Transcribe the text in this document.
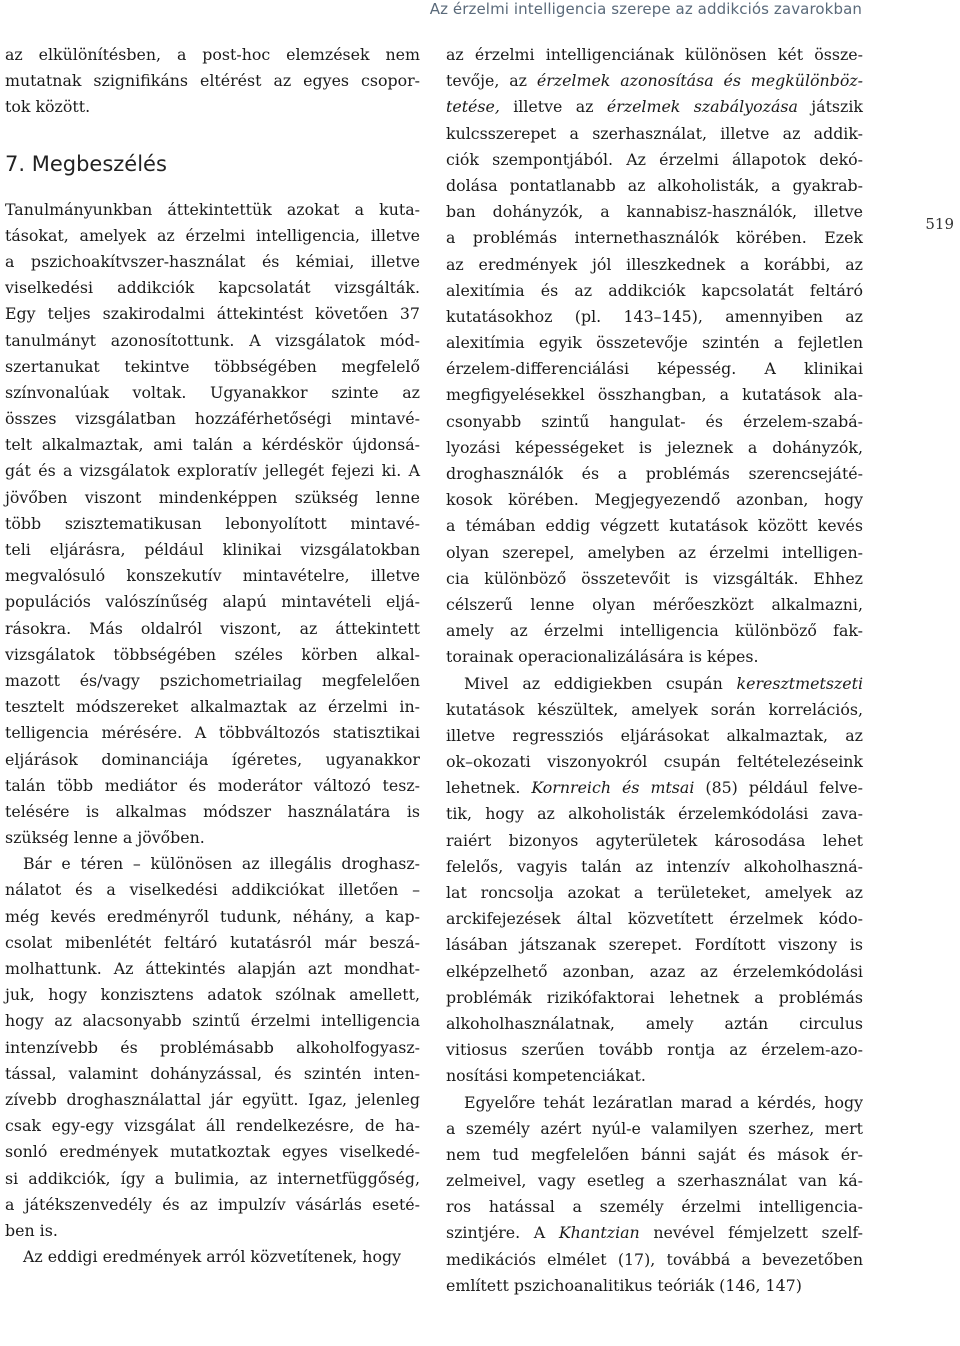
Az érzelmi intelligencia szerepe az addikciós zavarokban
519
az elkülönítésben, a post-hoc elemzések nem
mutatnak szignifikáns eltérést az egyes csopor-
tok között.
7. Megbeszélés
Tanulmányunkban áttekintettük azokat a kuta-
tásokat, amelyek az érzelmi intelligencia, illetve
a pszichoakítvszer-használat és kémiai, illetve
viselkedési addikciók kapcsolatát vizsgálták.
Egy teljes szakirodalmi áttekintést követően 37
tanulmányt azonosítottunk. A vizsgálatok mód-
szertanukat tekintve többségében megfelelő
színvonalúak voltak. Ugyanakkor szinte az
összes vizsgálatban hozzáférhetőségi mintavé-
telt alkalmaztak, ami talán a kérdéskör újdonsá-
gát és a vizsgálatok exploratív jellegét fejezi ki. A
jövőben viszont mindenképpen szükség lenne
több szisztematikusan lebonyolított mintavé-
teli eljárásra, például klinikai vizsgálatokban
megvalósuló konszekutív mintavételre, illetve
populációs valószínűség alapú mintavételi eljá-
rásokra. Más oldalról viszont, az áttekintett
vizsgálatok többségében széles körben alkal-
mazott és/vagy pszichometriailag megfelelően
tesztelt módszereket alkalmaztak az érzelmi in-
telligencia mérésére. A többváltozós statisztikai
eljárások dominanciája ígéretes, ugyanakkor
talán több mediátor és moderátor változó tesz-
telésére is alkalmas módszer használatára is
szükség lenne a jövőben.
Bár e téren – különösen az illegális droghasz-
nálatot és a viselkedési addikciókat illetően –
még kevés eredményről tudunk, néhány, a kap-
csolat mibenlétét feltáró kutatásról már beszá-
molhattunk. Az áttekintés alapján azt mondhat-
juk, hogy konzisztens adatok szólnak amellett,
hogy az alacsonyabb szintű érzelmi intelligencia
intenzívebb és problémásabb alkoholfogyasz-
tással, valamint dohányzással, és szintén inten-
zívebb droghasználattal jár együtt. Igaz, jelenleg
csak egy-egy vizsgálat áll rendelkezésre, de ha-
sonló eredmények mutatkoztak egyes viselkedé-
si addikciók, így a bulimia, az internetfüggőség,
a játékszenvedély és az impulzív vásárlás eseté-
ben is.
Az eddigi eredmények arról közvetítenek, hogy
az érzelmi intelligenciának különösen két össze-
tevője, az érzelmek azonosítása és megkülönböz-
tetése, illetve az érzelmek szabályozása játszik
kulcsszerepet a szerhasználat, illetve az addik-
ciók szempontjából. Az érzelmi állapotok dekó-
dolása pontatlanabb az alkoholisták, a gyakrab-
ban dohányzók, a kannabisz-használók, illetve
a problémás internethasználók körében. Ezek
az eredmények jól illeszkednek a korábbi, az
alexitímia és az addikciók kapcsolatát feltáró
kutatásokhoz (pl. 143–145), amennyiben az
alexitímia egyik összetevője szintén a fejletlen
érzelem-differenciálási képesség. A klinikai
megfigyelésekkel összhangban, a kutatások ala-
csonyabb szintű hangulat- és érzelem-szabá-
lyozási képességeket is jeleznek a dohányzók,
droghasználók és a problémás szerencsejáté-
kosok körében. Megjegyezendő azonban, hogy
a témában eddig végzett kutatások között kevés
olyan szerepel, amelyben az érzelmi intelligen-
cia különböző összetevőit is vizsgálták. Ehhez
célszerű lenne olyan mérőeszközt alkalmazni,
amely az érzelmi intelligencia különböző fak-
torainak operacionalizálására is képes.
Mivel az eddigiekben csupán keresztmetszeti
kutatások készültek, amelyek során korrelációs,
illetve regressziós eljárásokat alkalmaztak, az
ok–okozati viszonyokról csupán feltételezéseink
lehetnek. Kornreich és mtsai (85) például felve-
tik, hogy az alkoholisták érzelemkódolási zava-
raiért bizonyos agyterületek károsodása lehet
felelős, vagyis talán az intenzív alkoholhaszná-
lat roncsolja azokat a területeket, amelyek az
arckifejezések által közvetített érzelmek kódo-
lásában játszanak szerepet. Fordított viszony is
elképzelhető azonban, azaz az érzelemkódolási
problémák rizikófaktorai lehetnek a problémás
alkoholhasználatnak, amely aztán circulus
vitiosus szerűen tovább rontja az érzelem-azo-
nosítási kompetenciákat.
Egyelőre tehát lezáratlan marad a kérdés, hogy
a személy azért nyúl-e valamilyen szerhez, mert
nem tud megfelelően bánni saját és mások ér-
zelmeivel, vagy esetleg a szerhasználat van ká-
ros hatással a személy érzelmi intelligencia-
szintjére. A Khantzian nevével fémjelzett szelf-
medikációs elmélet (17), továbbá a bevezetőben
említett pszichoanalitikus teóriák (146, 147)
